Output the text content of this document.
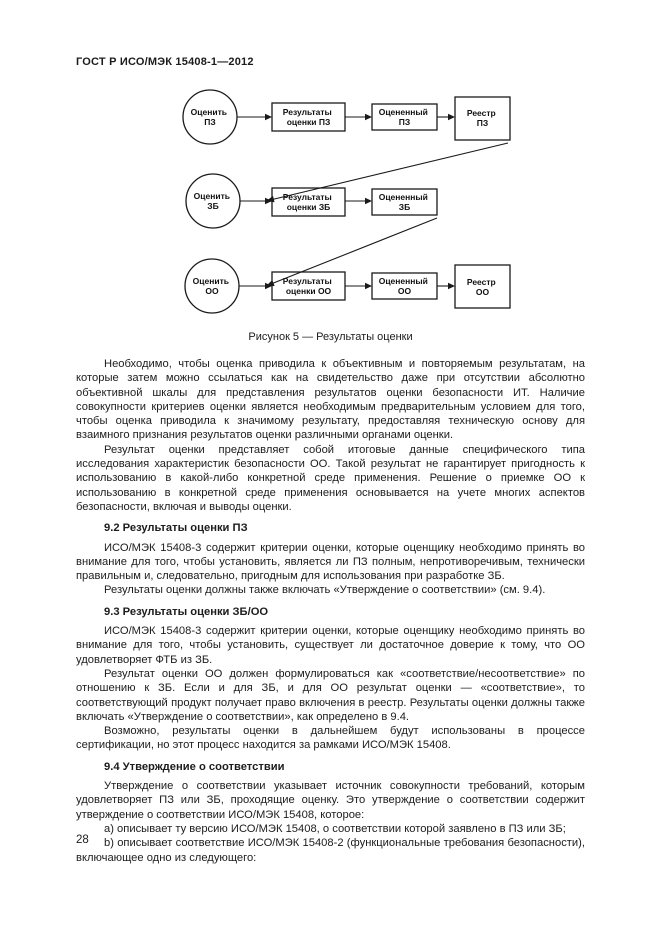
ГОСТ Р ИСО/МЭК 15408-1—2012
Оценить ПЗ
Результаты оценки ПЗ
Оцененный ПЗ
Реестр ПЗ
Оценить ЗБ
Результаты оценки ЗБ
Оцененный ЗБ
Оценить ОО
Результаты оценки ОО
Оцененный ОО
Реестр ОО
Рисунок 5 — Результаты оценки

Необходимо, чтобы оценка приводила к объективным и повторяемым результатам, на которые затем можно ссылаться как на свидетельство даже при отсутствии абсолютно объективной шкалы для представления результатов оценки безопасности ИТ. Наличие совокупности критериев оценки является необходимым предварительным условием для того, чтобы оценка приводила к значимому результату, предоставляя техническую основу для взаимного признания результатов оценки различными органами оценки.

Результат оценки представляет собой итоговые данные специфического типа исследования характеристик безопасности ОО. Такой результат не гарантирует пригодность к использованию в какой-либо конкретной среде применения. Решение о приемке ОО к использованию в конкретной среде применения основывается на учете многих аспектов безопасности, включая и выводы оценки.

9.2 Результаты оценки ПЗ

ИСО/МЭК 15408-3 содержит критерии оценки, которые оценщику необходимо принять во внимание для того, чтобы установить, является ли ПЗ полным, непротиворечивым, технически правильным и, следовательно, пригодным для использования при разработке ЗБ.

Результаты оценки должны также включать «Утверждение о соответствии» (см. 9.4).

9.3 Результаты оценки ЗБ/ОО

ИСО/МЭК 15408-3 содержит критерии оценки, которые оценщику необходимо принять во внимание для того, чтобы установить, существует ли достаточное доверие к тому, что ОО удовлетворяет ФТБ из ЗБ.

Результат оценки ОО должен формулироваться как «соответствие/несоответствие» по отношению к ЗБ. Если и для ЗБ, и для ОО результат оценки — «соответствие», то соответствующий продукт получает право включения в реестр. Результаты оценки должны также включать «Утверждение о соответствии», как определено в 9.4.

Возможно, результаты оценки в дальнейшем будут использованы в процессе сертификации, но этот процесс находится за рамками ИСО/МЭК 15408.

9.4 Утверждение о соответствии

Утверждение о соответствии указывает источник совокупности требований, которым удовлетворяет ПЗ или ЗБ, проходящие оценку. Это утверждение о соответствии содержит утверждение о соответствии ИСО/МЭК 15408, которое:

a) описывает ту версию ИСО/МЭК 15408, о соответствии которой заявлено в ПЗ или ЗБ;

b) описывает соответствие ИСО/МЭК 15408-2 (функциональные требования безопасности), включающее одно из следующего:

28
